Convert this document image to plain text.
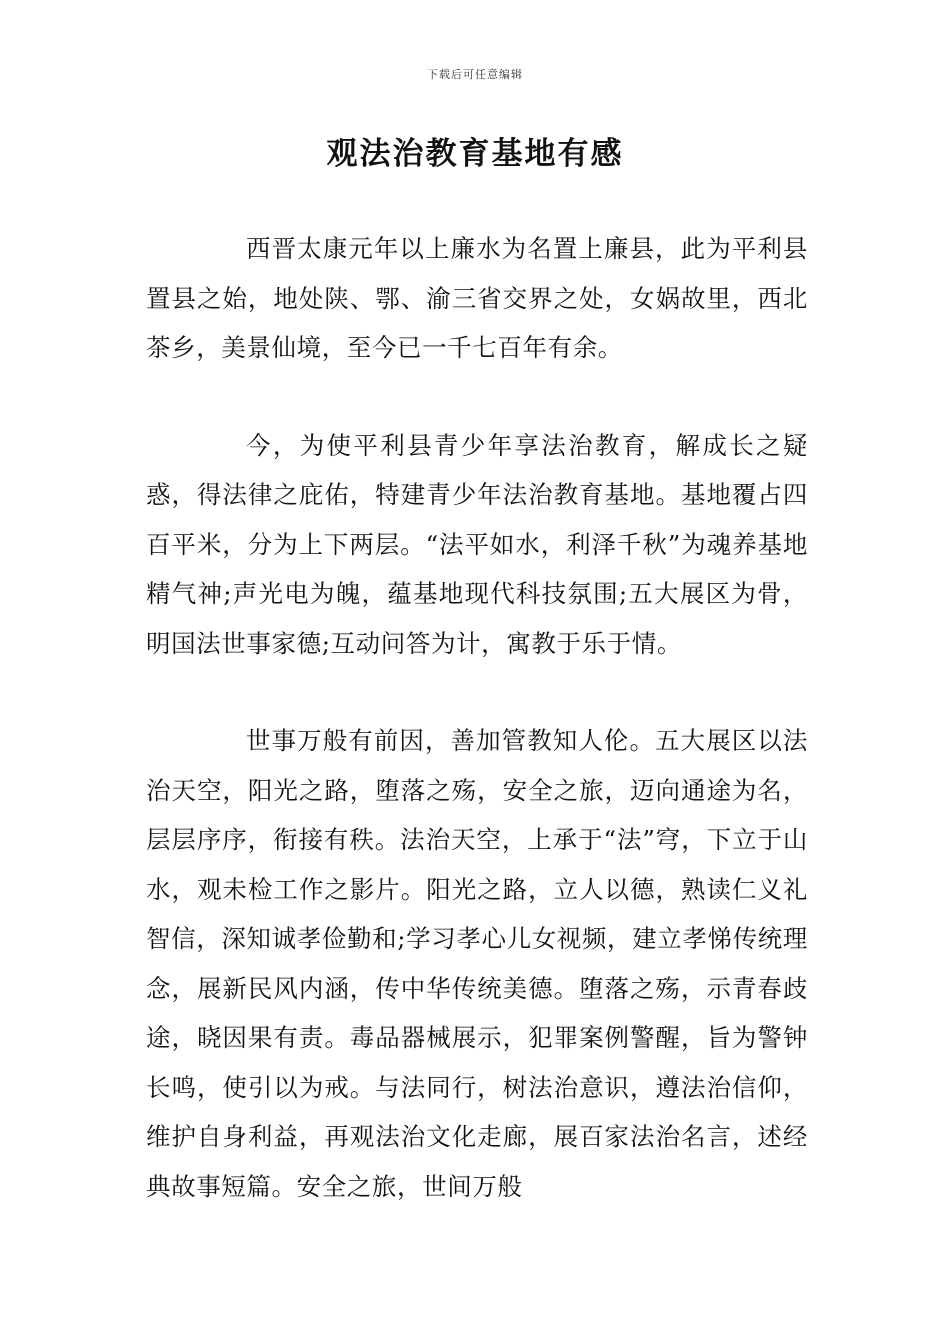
下载后可任意编辑
观法治教育基地有感

西晋太康元年以上廉水为名置上廉县，此为平利县置县之始，地处陕、鄂、渝三省交界之处，女娲故里，西北茶乡，美景仙境，至今已一千七百年有余。

今，为使平利县青少年享法治教育，解成长之疑惑，得法律之庇佑，特建青少年法治教育基地。基地覆占四百平米，分为上下两层。“法平如水，利泽千秋”为魂养基地精气神;声光电为魄，蕴基地现代科技氛围;五大展区为骨，明国法世事家德;互动问答为计，寓教于乐于情。

世事万般有前因，善加管教知人伦。五大展区以法治天空，阳光之路，堕落之殇，安全之旅，迈向通途为名，层层序序，衔接有秩。法治天空，上承于“法”穹，下立于山水，观未检工作之影片。阳光之路，立人以德，熟读仁义礼智信，深知诚孝俭勤和;学习孝心儿女视频，建立孝悌传统理念，展新民风内涵，传中华传统美德。堕落之殇，示青春歧途，晓因果有责。毒品器械展示，犯罪案例警醒，旨为警钟长鸣，使引以为戒。与法同行，树法治意识，遵法治信仰，维护自身利益，再观法治文化走廊，展百家法治名言，述经典故事短篇。安全之旅，世间万般
